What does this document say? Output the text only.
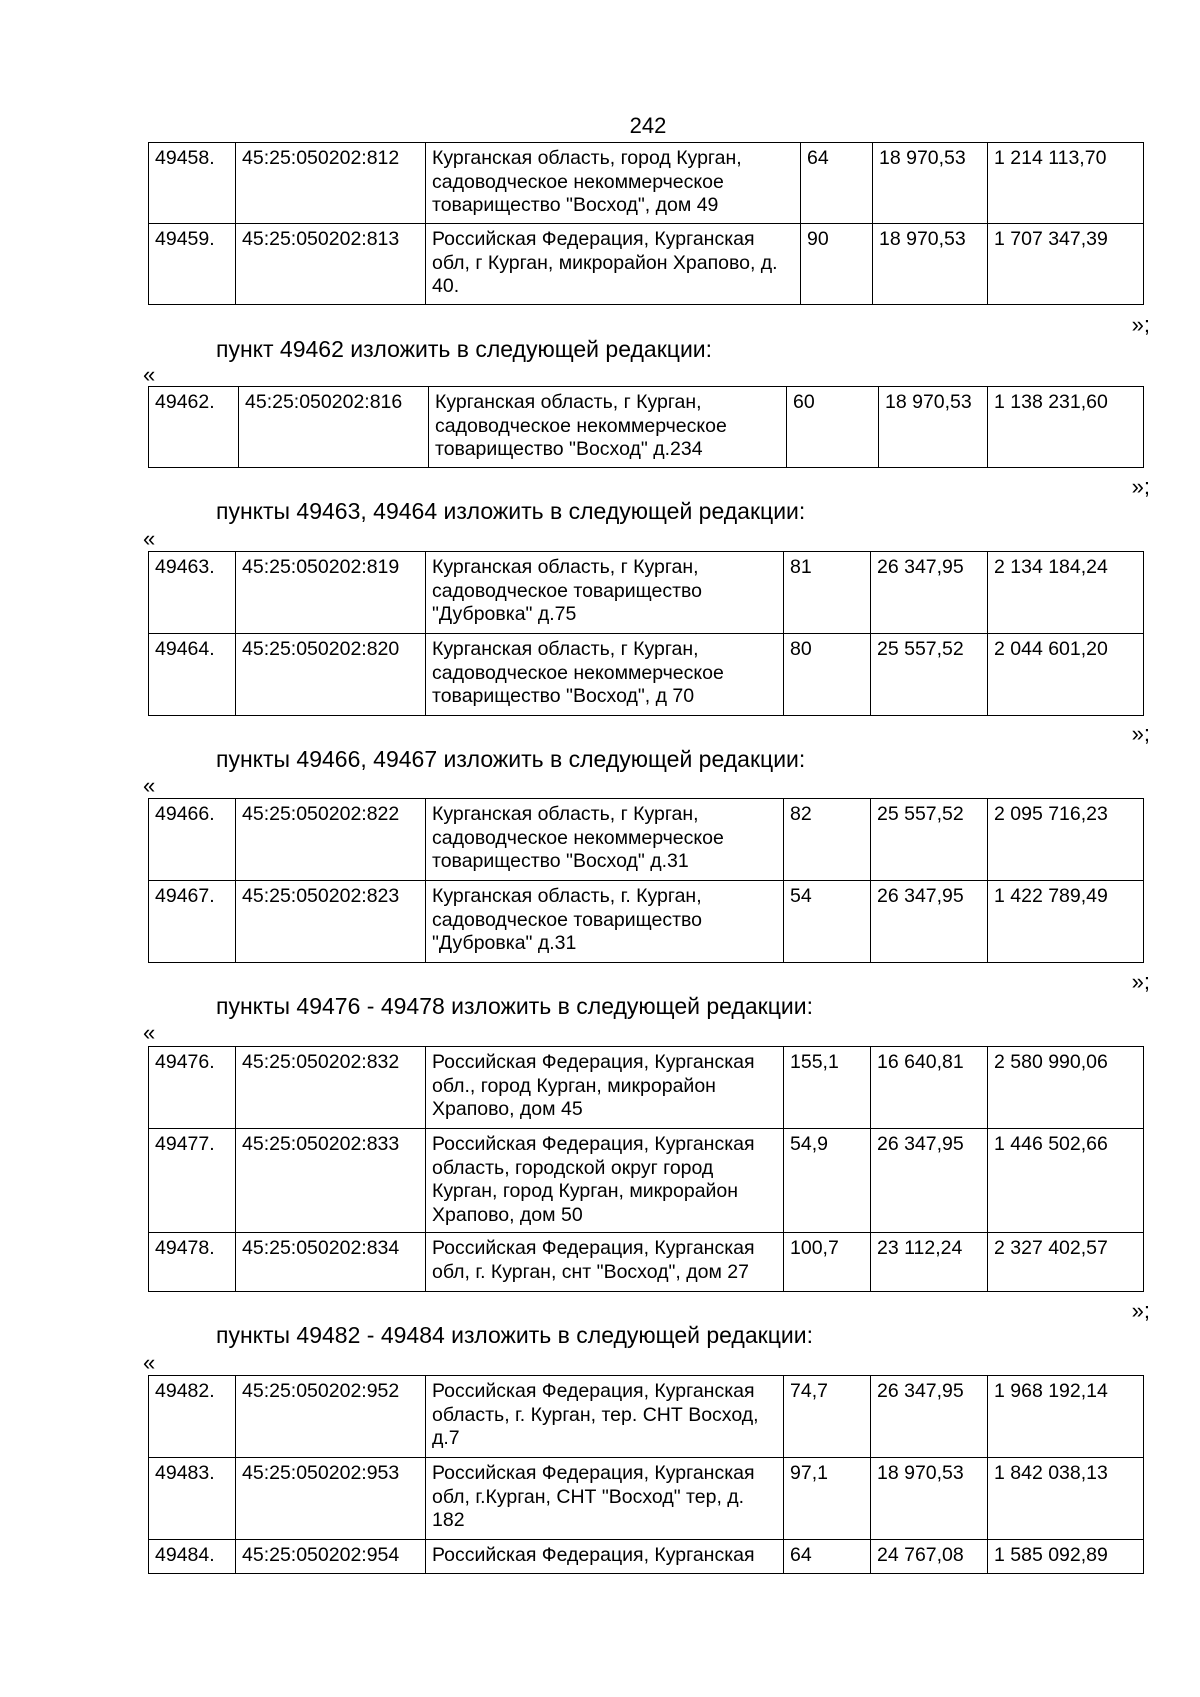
242
49458.	45:25:050202:812	Курганская область, город Курган, садоводческое некоммерческое товарищество "Восход", дом 49	64	18 970,53	1 214 113,70
49459.	45:25:050202:813	Российская Федерация, Курганская обл, г Курган, микрорайон Храпово, д. 40.	90	18 970,53	1 707 347,39
»;
пункт 49462 изложить в следующей редакции:
«
49462.	45:25:050202:816	Курганская область, г Курган, садоводческое некоммерческое товарищество "Восход" д.234	60	18 970,53	1 138 231,60
»;
пункты 49463, 49464 изложить в следующей редакции:
«
49463.	45:25:050202:819	Курганская область, г Курган, садоводческое товарищество "Дубровка" д.75	81	26 347,95	2 134 184,24
49464.	45:25:050202:820	Курганская область, г Курган, садоводческое некоммерческое товарищество "Восход", д 70	80	25 557,52	2 044 601,20
»;
пункты 49466, 49467 изложить в следующей редакции:
«
49466.	45:25:050202:822	Курганская область, г Курган, садоводческое некоммерческое товарищество "Восход" д.31	82	25 557,52	2 095 716,23
49467.	45:25:050202:823	Курганская область, г. Курган, садоводческое товарищество "Дубровка" д.31	54	26 347,95	1 422 789,49
»;
пункты 49476 - 49478 изложить в следующей редакции:
«
49476.	45:25:050202:832	Российская Федерация, Курганская обл., город Курган, микрорайон Храпово, дом 45	155,1	16 640,81	2 580 990,06
49477.	45:25:050202:833	Российская Федерация, Курганская область, городской округ город Курган, город Курган, микрорайон Храпово, дом 50	54,9	26 347,95	1 446 502,66
49478.	45:25:050202:834	Российская Федерация, Курганская обл, г. Курган, снт "Восход", дом 27	100,7	23 112,24	2 327 402,57
»;
пункты 49482 - 49484 изложить в следующей редакции:
«
49482.	45:25:050202:952	Российская Федерация, Курганская область, г. Курган, тер. СНТ Восход, д.7	74,7	26 347,95	1 968 192,14
49483.	45:25:050202:953	Российская Федерация, Курганская обл, г.Курган, СНТ "Восход" тер, д. 182	97,1	18 970,53	1 842 038,13
49484.	45:25:050202:954	Российская Федерация, Курганская	64	24 767,08	1 585 092,89
